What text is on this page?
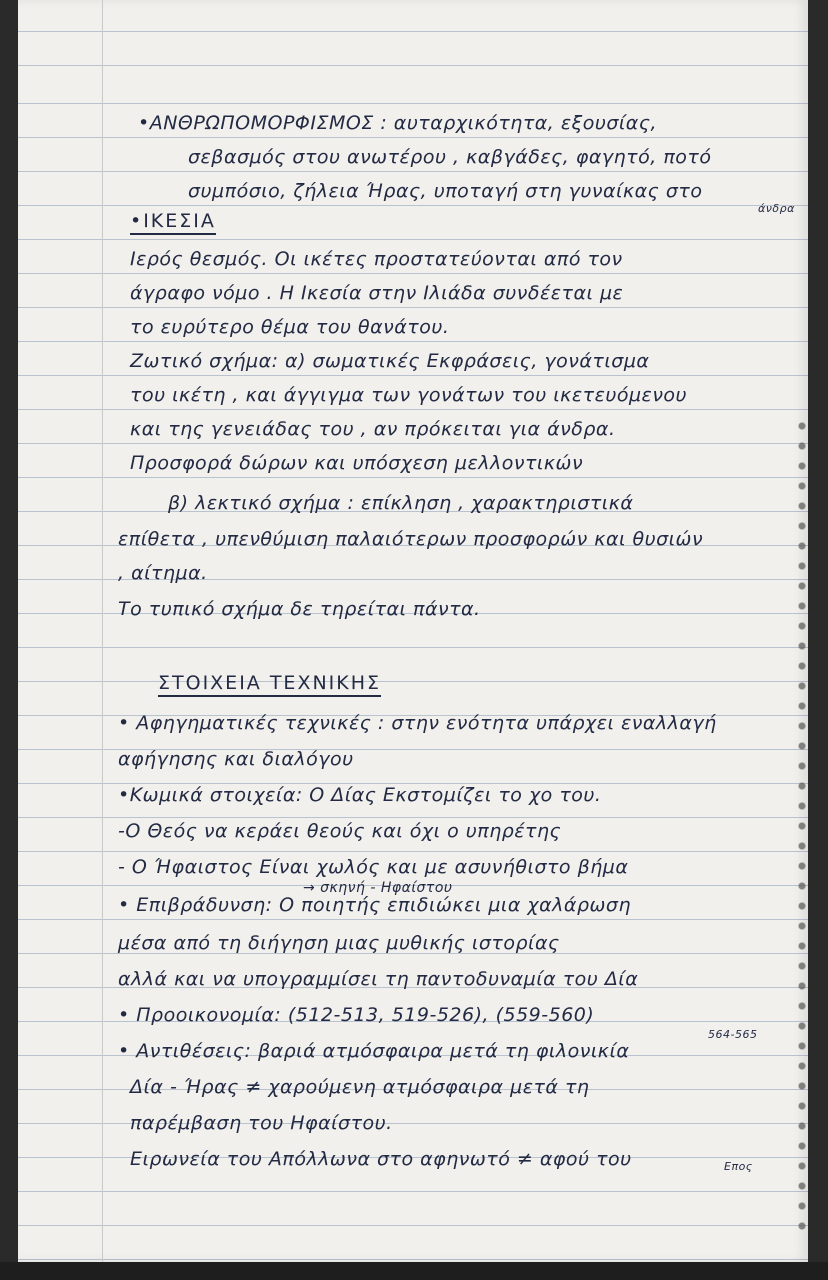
•ΑΝΘΡΩΠΟΜΟΡΦΙΣΜΟΣ : αυταρχικότητα, εξουσίας,
σεβασμός στου ανωτέρου , καβγάδες, φαγητό, ποτό
συμπόσιο, ζήλεια Ήρας, υποταγή στη γυναίκας στο
άνδρα
•ΙΚΕΣΙΑ
Ιερός θεσμός. Οι ικέτες προστατεύονται από τον
άγραφο νόμο . Η Ικεσία στην Ιλιάδα συνδέεται με
το ευρύτερο θέμα του θανάτου.
Ζωτικό σχήμα: α) σωματικές Εκφράσεις, γονάτισμα
του ικέτη , και άγγιγμα των γονάτων του ικετευόμενου
και της γενειάδας του , αν πρόκειται για άνδρα.
Προσφορά δώρων και υπόσχεση μελλοντικών
β) λεκτικό σχήμα : επίκληση , χαρακτηριστικά
επίθετα , υπενθύμιση παλαιότερων προσφορών και θυσιών
, αίτημα.
Το τυπικό σχήμα δε τηρείται πάντα.
ΣΤΟΙΧΕΙΑ ΤΕΧΝΙΚΗΣ
• Αφηγηματικές τεχνικές : στην ενότητα υπάρχει εναλλαγή
αφήγησης και διαλόγου
•Κωμικά στοιχεία: Ο Δίας Εκστομίζει το χο του.
-Ο Θεός να κεράει θεούς και όχι ο υπηρέτης
- Ο Ήφαιστος Είναι χωλός και με ασυνήθιστο βήμα
→ σκηνή - Ηφαίστου
• Επιβράδυνση: Ο ποιητής επιδιώκει μια χαλάρωση
μέσα από τη διήγηση μιας μυθικής ιστορίας
αλλά και να υπογραμμίσει τη παντοδυναμία του Δία
• Προοικονομία: (512-513, 519-526), (559-560)
564-565
• Αντιθέσεις: βαριά ατμόσφαιρα μετά τη φιλονικία
Δία - Ήρας ≠ χαρούμενη ατμόσφαιρα μετά τη
παρέμβαση του Ηφαίστου.
Ειρωνεία του Απόλλωνα στο αφηνωτό ≠ αφού του	Επος
